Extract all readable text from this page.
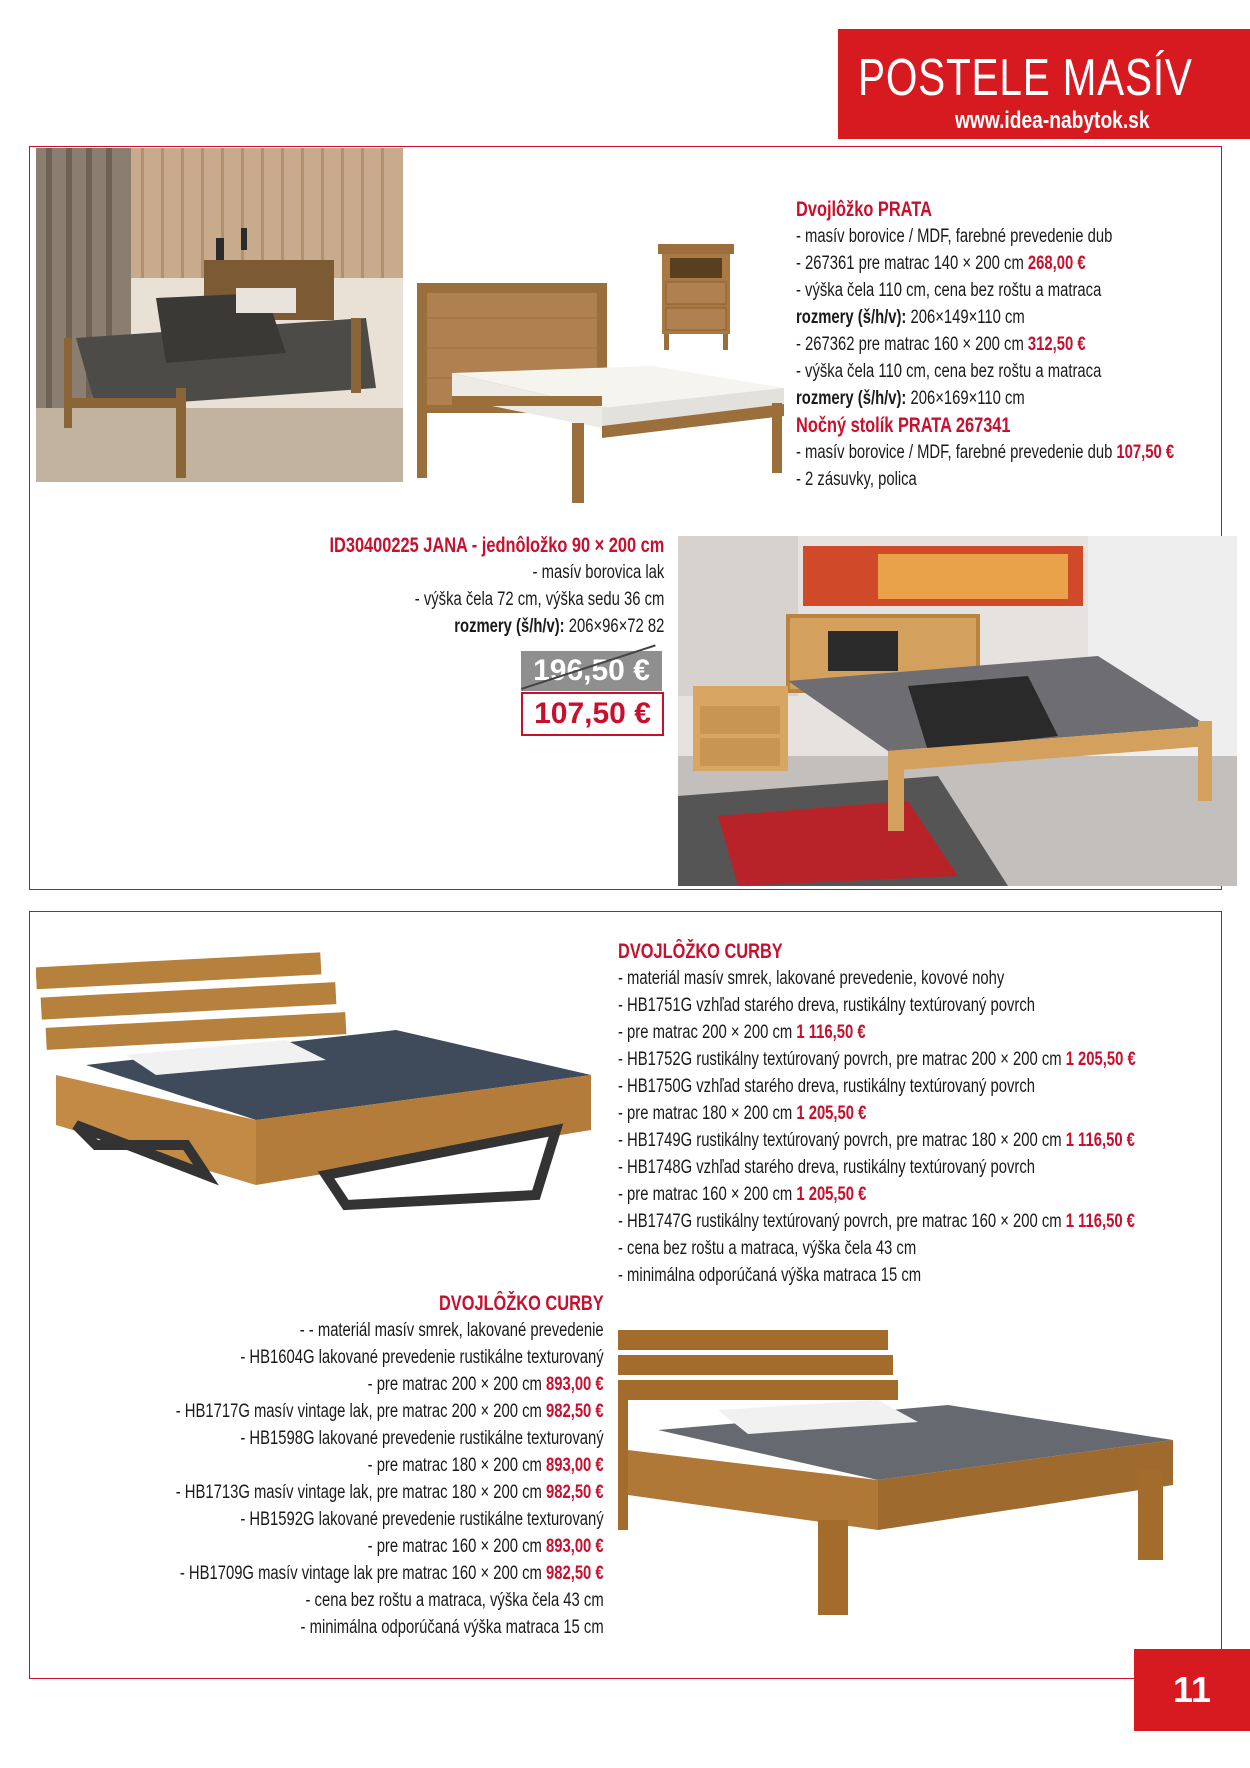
POSTELE MASÍV
www.idea-nabytok.sk
Dvojlôžko PRATA
- masív borovice / MDF, farebné prevedenie dub
- 267361 pre matrac 140 × 200 cm 268,00 €
- výška čela 110 cm, cena bez roštu a matraca
rozmery (š/h/v): 206×149×110 cm
- 267362 pre matrac 160 × 200 cm 312,50 €
- výška čela 110 cm, cena bez roštu a matraca
rozmery (š/h/v): 206×169×110 cm
Nočný stolík PRATA 267341
- masív borovice / MDF, farebné prevedenie dub 107,50 €
- 2 zásuvky, polica
ID30400225 JANA - jednôložko 90 × 200 cm
- masív borovica lak
- výška čela 72 cm, výška sedu 36 cm
rozmery (š/h/v): 206×96×72 82
196,50 €
107,50 €
DVOJLÔŽKO CURBY
- materiál masív smrek, lakované prevedenie, kovové nohy
- HB1751G vzhľad starého dreva, rustikálny textúrovaný povrch
- pre matrac 200 × 200 cm 1 116,50 €
- HB1752G rustikálny textúrovaný povrch, pre matrac 200 × 200 cm 1 205,50 €
- HB1750G vzhľad starého dreva, rustikálny textúrovaný povrch
- pre matrac 180 × 200 cm 1 205,50 €
- HB1749G rustikálny textúrovaný povrch, pre matrac 180 × 200 cm 1 116,50 €
- HB1748G vzhľad starého dreva, rustikálny textúrovaný povrch
- pre matrac 160 × 200 cm 1 205,50 €
- HB1747G rustikálny textúrovaný povrch, pre matrac 160 × 200 cm 1 116,50 €
- cena bez roštu a matraca, výška čela 43 cm
- minimálna odporúčaná výška matraca 15 cm
DVOJLÔŽKO CURBY
- - materiál masív smrek, lakované prevedenie
- HB1604G lakované prevedenie rustikálne texturovaný
- pre matrac 200 × 200 cm 893,00 €
- HB1717G masív vintage lak, pre matrac 200 × 200 cm 982,50 €
- HB1598G lakované prevedenie rustikálne texturovaný
- pre matrac 180 × 200 cm 893,00 €
- HB1713G masív vintage lak, pre matrac 180 × 200 cm 982,50 €
- HB1592G lakované prevedenie rustikálne texturovaný
- pre matrac 160 × 200 cm 893,00 €
- HB1709G masív vintage lak pre matrac 160 × 200 cm 982,50 €
- cena bez roštu a matraca, výška čela 43 cm
- minimálna odporúčaná výška matraca 15 cm
11
